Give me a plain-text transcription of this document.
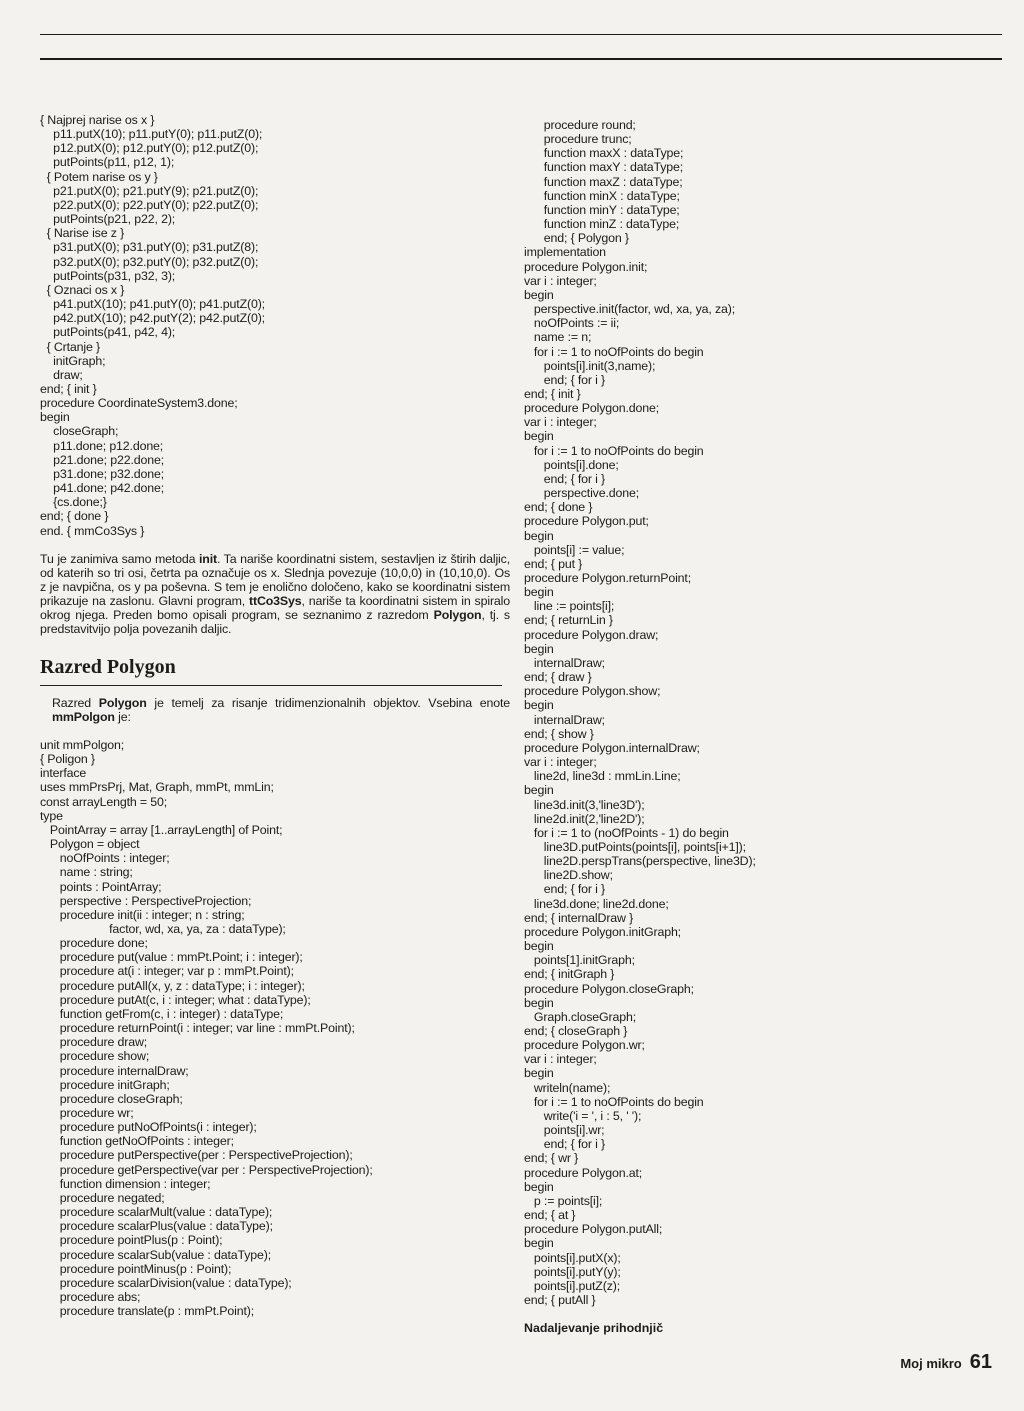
{ Najprej narise os x }
p11.putX(10); p11.putY(0); p11.putZ(0);
p12.putX(0); p12.putY(0); p12.putZ(0);
putPoints(p11, p12, 1);
{ Potem narise os y }
p21.putX(0); p21.putY(9); p21.putZ(0);
p22.putX(0); p22.putY(0); p22.putZ(0);
putPoints(p21, p22, 2);
{ Narise ise z }
p31.putX(0); p31.putY(0); p31.putZ(8);
p32.putX(0); p32.putY(0); p32.putZ(0);
putPoints(p31, p32, 3);
{ Oznaci os x }
p41.putX(10); p41.putY(0); p41.putZ(0);
p42.putX(10); p42.putY(2); p42.putZ(0);
putPoints(p41, p42, 4);
{ Crtanje }
initGraph;
draw;
end; { init }
procedure CoordinateSystem3.done;
begin
closeGraph;
p11.done; p12.done;
p21.done; p22.done;
p31.done; p32.done;
p41.done; p42.done;
{cs.done;}
end; { done }
end. { mmCo3Sys }

Tu je zanimiva samo metoda init. Ta nariše koordinatni sistem, sestavljen iz štirih daljic, od katerih so tri osi, četrta pa označuje os x. Slednja povezuje (10,0,0) in (10,10,0). Os z je navpična, os y pa poševna. S tem je enolično določeno, kako se koordinatni sistem prikazuje na zaslonu. Glavni program, ttCo3Sys, nariše ta koordinatni sistem in spiralo okrog njega. Preden bomo opisali program, se seznanimo z razredom Polygon, tj. s predstavitvijo polja povezanih daljic.

Razred Polygon

Razred Polygon je temelj za risanje tridimenzionalnih objektov. Vsebina enote mmPolgon je:

unit mmPolgon;
{ Poligon }
interface
uses mmPrsPrj, Mat, Graph, mmPt, mmLin;
const arrayLength = 50;
type
PointArray = array [1..arrayLength] of Point;
Polygon = object
noOfPoints : integer;
name : string;
points : PointArray;
perspective : PerspectiveProjection;
procedure init(ii : integer; n : string;
factor, wd, xa, ya, za : dataType);
procedure done;
procedure put(value : mmPt.Point; i : integer);
procedure at(i : integer; var p : mmPt.Point);
procedure putAll(x, y, z : dataType; i : integer);
procedure putAt(c, i : integer; what : dataType);
function getFrom(c, i : integer) : dataType;
procedure returnPoint(i : integer; var line : mmPt.Point);
procedure draw;
procedure show;
procedure internalDraw;
procedure initGraph;
procedure closeGraph;
procedure wr;
procedure putNoOfPoints(i : integer);
function getNoOfPoints : integer;
procedure putPerspective(per : PerspectiveProjection);
procedure getPerspective(var per : PerspectiveProjection);
function dimension : integer;
procedure negated;
procedure scalarMult(value : dataType);
procedure scalarPlus(value : dataType);
procedure pointPlus(p : Point);
procedure scalarSub(value : dataType);
procedure pointMinus(p : Point);
procedure scalarDivision(value : dataType);
procedure abs;
procedure translate(p : mmPt.Point);
procedure round;
procedure trunc;
function maxX : dataType;
function maxY : dataType;
function maxZ : dataType;
function minX : dataType;
function minY : dataType;
function minZ : dataType;
end; { Polygon }
implementation
procedure Polygon.init;
var i : integer;
begin
perspective.init(factor, wd, xa, ya, za);
noOfPoints := ii;
name := n;
for i := 1 to noOfPoints do begin
points[i].init(3,name);
end; { for i }
end; { init }
procedure Polygon.done;
var i : integer;
begin
for i := 1 to noOfPoints do begin
points[i].done;
end; { for i }
perspective.done;
end; { done }
procedure Polygon.put;
begin
points[i] := value;
end; { put }
procedure Polygon.returnPoint;
begin
line := points[i];
end; { returnLin }
procedure Polygon.draw;
begin
internalDraw;
end; { draw }
procedure Polygon.show;
begin
internalDraw;
end; { show }
procedure Polygon.internalDraw;
var i : integer;
line2d, line3d : mmLin.Line;
begin
line3d.init(3,'line3D');
line2d.init(2,'line2D');
for i := 1 to (noOfPoints - 1) do begin
line3D.putPoints(points[i], points[i+1]);
line2D.perspTrans(perspective, line3D);
line2D.show;
end; { for i }
line3d.done; line2d.done;
end; { internalDraw }
procedure Polygon.initGraph;
begin
points[1].initGraph;
end; { initGraph }
procedure Polygon.closeGraph;
begin
Graph.closeGraph;
end; { closeGraph }
procedure Polygon.wr;
var i : integer;
begin
writeln(name);
for i := 1 to noOfPoints do begin
write('i = ', i : 5, ' ');
points[i].wr;
end; { for i }
end; { wr }
procedure Polygon.at;
begin
p := points[i];
end; { at }
procedure Polygon.putAll;
begin
points[i].putX(x);
points[i].putY(y);
points[i].putZ(z);
end; { putAll }

Nadaljevanje prihodnjič

Moj mikro 61
